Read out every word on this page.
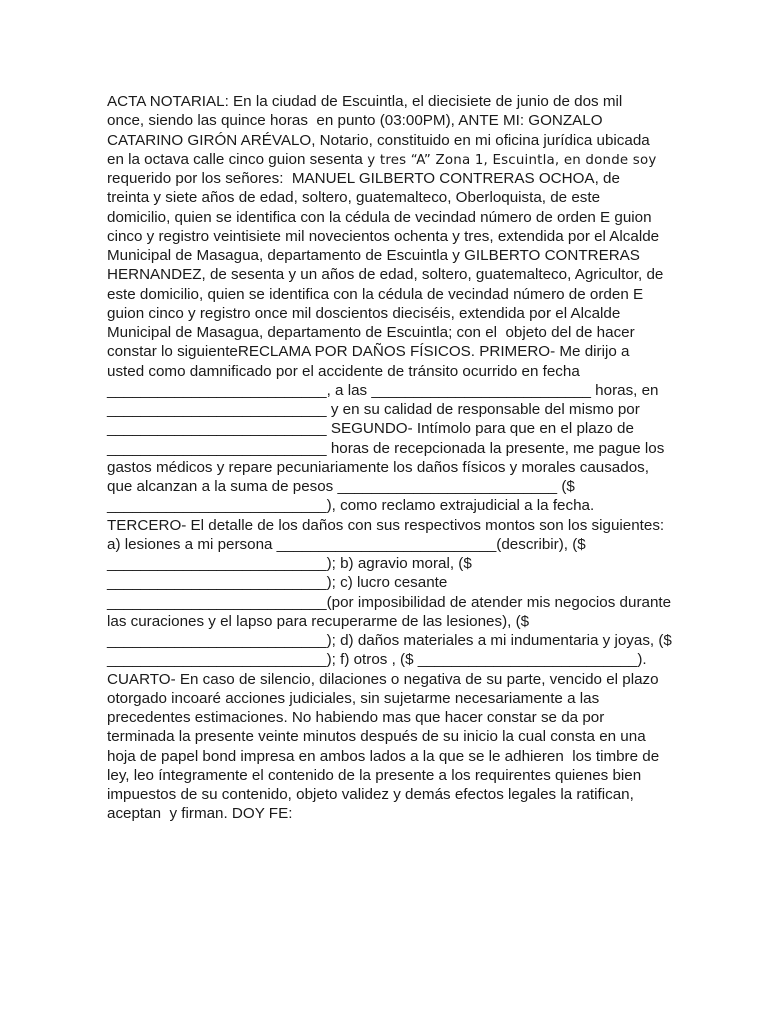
ACTA NOTARIAL: En la ciudad de Escuintla, el diecisiete de junio de dos mil
once, siendo las quince horas  en punto (03:00PM), ANTE MI: GONZALO
CATARINO GIRÓN ARÉVALO, Notario, constituido en mi oficina jurídica ubicada
en la octava calle cinco guion sesenta y tres “A” Zona 1, Escuintla, en donde soy
requerido por los señores:  MANUEL GILBERTO CONTRERAS OCHOA, de
treinta y siete años de edad, soltero, guatemalteco, Oberloquista, de este
domicilio, quien se identifica con la cédula de vecindad número de orden E guion
cinco y registro veintisiete mil novecientos ochenta y tres, extendida por el Alcalde
Municipal de Masagua, departamento de Escuintla y GILBERTO CONTRERAS
HERNANDEZ, de sesenta y un años de edad, soltero, guatemalteco, Agricultor, de
este domicilio, quien se identifica con la cédula de vecindad número de orden E
guion cinco y registro once mil doscientos dieciséis, extendida por el Alcalde
Municipal de Masagua, departamento de Escuintla; con el  objeto del de hacer
constar lo siguienteRECLAMA POR DAÑOS FÍSICOS. PRIMERO- Me dirijo a
usted como damnificado por el accidente de tránsito ocurrido en fecha
__________________________, a las __________________________ horas, en
__________________________ y en su calidad de responsable del mismo por
__________________________ SEGUNDO- Intímolo para que en el plazo de
__________________________ horas de recepcionada la presente, me pague los
gastos médicos y repare pecuniariamente los daños físicos y morales causados,
que alcanzan a la suma de pesos __________________________ ($
__________________________), como reclamo extrajudicial a la fecha.
TERCERO- El detalle de los daños con sus respectivos montos son los siguientes:
a) lesiones a mi persona __________________________(describir), ($
__________________________); b) agravio moral, ($
__________________________); c) lucro cesante
__________________________(por imposibilidad de atender mis negocios durante
las curaciones y el lapso para recuperarme de las lesiones), ($
__________________________); d) daños materiales a mi indumentaria y joyas, ($
__________________________); f) otros , ($ __________________________).
CUARTO- En caso de silencio, dilaciones o negativa de su parte, vencido el plazo
otorgado incoaré acciones judiciales, sin sujetarme necesariamente a las
precedentes estimaciones. No habiendo mas que hacer constar se da por
terminada la presente veinte minutos después de su inicio la cual consta en una
hoja de papel bond impresa en ambos lados a la que se le adhieren  los timbre de
ley, leo íntegramente el contenido de la presente a los requirentes quienes bien
impuestos de su contenido, objeto validez y demás efectos legales la ratifican,
aceptan  y firman. DOY FE:
